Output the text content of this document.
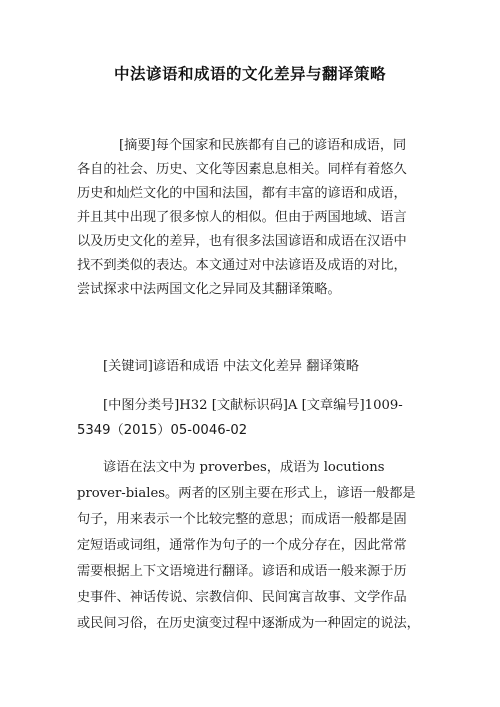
中法谚语和成语的文化差异与翻译策略
[摘要]每个国家和民族都有自己的谚语和成语，同
各自的社会、历史、文化等因素息息相关。同样有着悠久
历史和灿烂文化的中国和法国，都有丰富的谚语和成语，
并且其中出现了很多惊人的相似。但由于两国地域、语言
以及历史文化的差异，也有很多法国谚语和成语在汉语中
找不到类似的表达。本文通过对中法谚语及成语的对比，
尝试探求中法两国文化之异同及其翻译策略。
[关键词]谚语和成语 中法文化差异 翻译策略
[中图分类号]H32 [文献标识码]A [文章编号]1009-
5349（2015）05-0046-02
谚语在法文中为 proverbes，成语为 locutions
prover-biales。两者的区别主要在形式上，谚语一般都是
句子，用来表示一个比较完整的意思；而成语一般都是固
定短语或词组，通常作为句子的一个成分存在，因此常常
需要根据上下文语境进行翻译。谚语和成语一般来源于历
史事件、神话传说、宗教信仰、民间寓言故事、文学作品
或民间习俗，在历史演变过程中逐渐成为一种固定的说法，
